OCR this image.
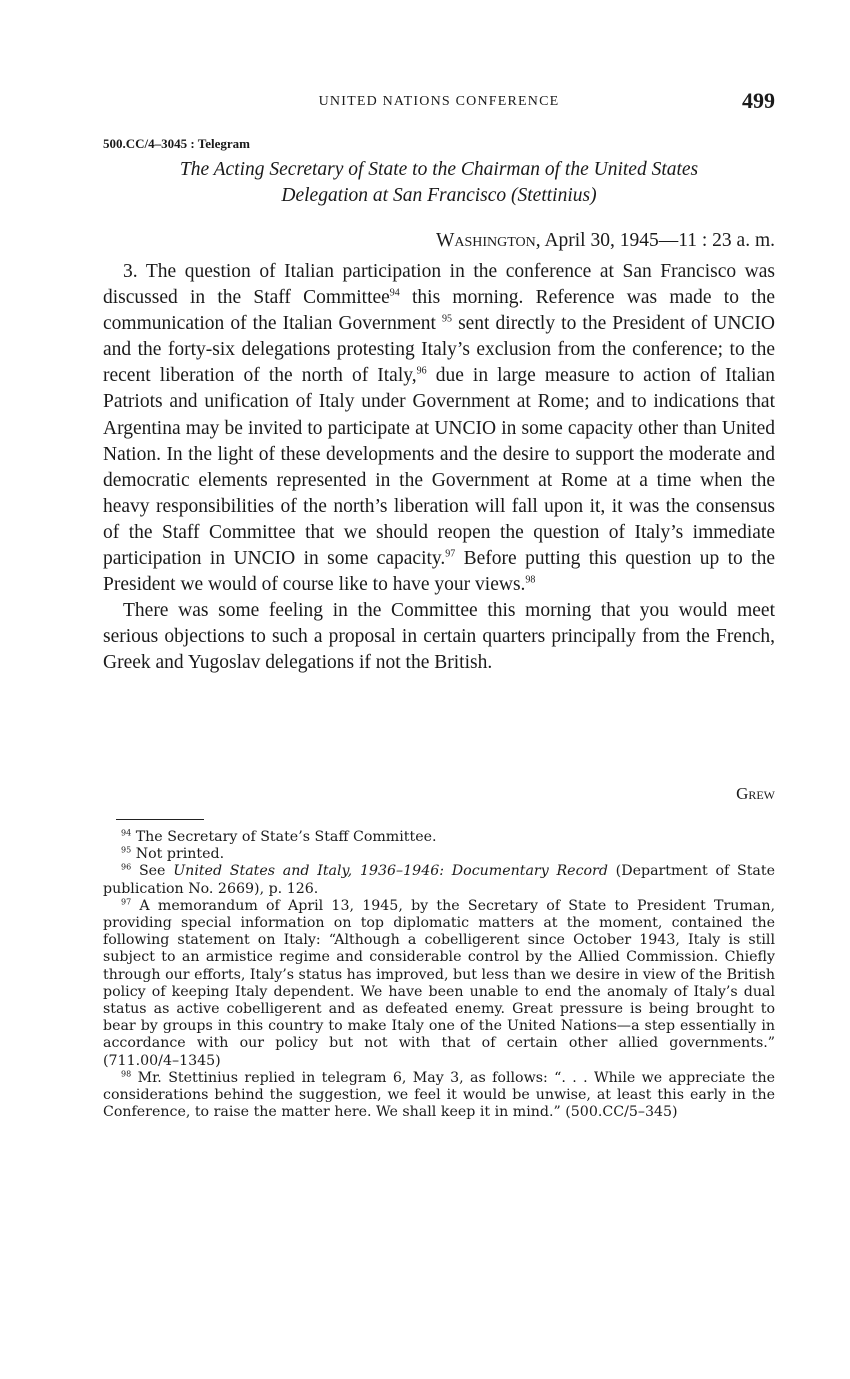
UNITED NATIONS CONFERENCE	499
500.CC/4–3045 : Telegram
The Acting Secretary of State to the Chairman of the United States
Delegation at San Francisco (Stettinius)
Washington, April 30, 1945—11 : 23 a. m.

3. The question of Italian participation in the conference at San Francisco was discussed in the Staff Committee$^{94}$ this morning. Reference was made to the communication of the Italian Government $^{95}$ sent directly to the President of UNCIO and the forty-six delegations protesting Italy’s exclusion from the conference; to the recent liberation of the north of Italy,$^{96}$ due in large measure to action of Italian Patriots and unification of Italy under Government at Rome; and to indications that Argentina may be invited to participate at UNCIO in some capacity other than United Nation. In the light of these developments and the desire to support the moderate and democratic elements represented in the Government at Rome at a time when the heavy responsibilities of the north’s liberation will fall upon it, it was the consensus of the Staff Committee that we should reopen the question of Italy’s immediate participation in UNCIO in some capacity.$^{97}$ Before putting this question up to the President we would of course like to have your views.$^{98}$

There was some feeling in the Committee this morning that you would meet serious objections to such a proposal in certain quarters principally from the French, Greek and Yugoslav delegations if not the British.

Grew

$^{94}$ The Secretary of State’s Staff Committee.

$^{95}$ Not printed.

$^{96}$ See United States and Italy, 1936–1946: Documentary Record (Department of State publication No. 2669), p. 126.

$^{97}$ A memorandum of April 13, 1945, by the Secretary of State to President Truman, providing special information on top diplomatic matters at the moment, contained the following statement on Italy: “Although a cobelligerent since October 1943, Italy is still subject to an armistice regime and considerable control by the Allied Commission. Chiefly through our efforts, Italy’s status has improved, but less than we desire in view of the British policy of keeping Italy dependent. We have been unable to end the anomaly of Italy’s dual status as active cobelligerent and as defeated enemy. Great pressure is being brought to bear by groups in this country to make Italy one of the United Nations—a step essentially in accordance with our policy but not with that of certain other allied governments.” (711.00/4–1345)

$^{98}$ Mr. Stettinius replied in telegram 6, May 3, as follows: “. . . While we appreciate the considerations behind the suggestion, we feel it would be unwise, at least this early in the Conference, to raise the matter here. We shall keep it in mind.” (500.CC/5–345)
